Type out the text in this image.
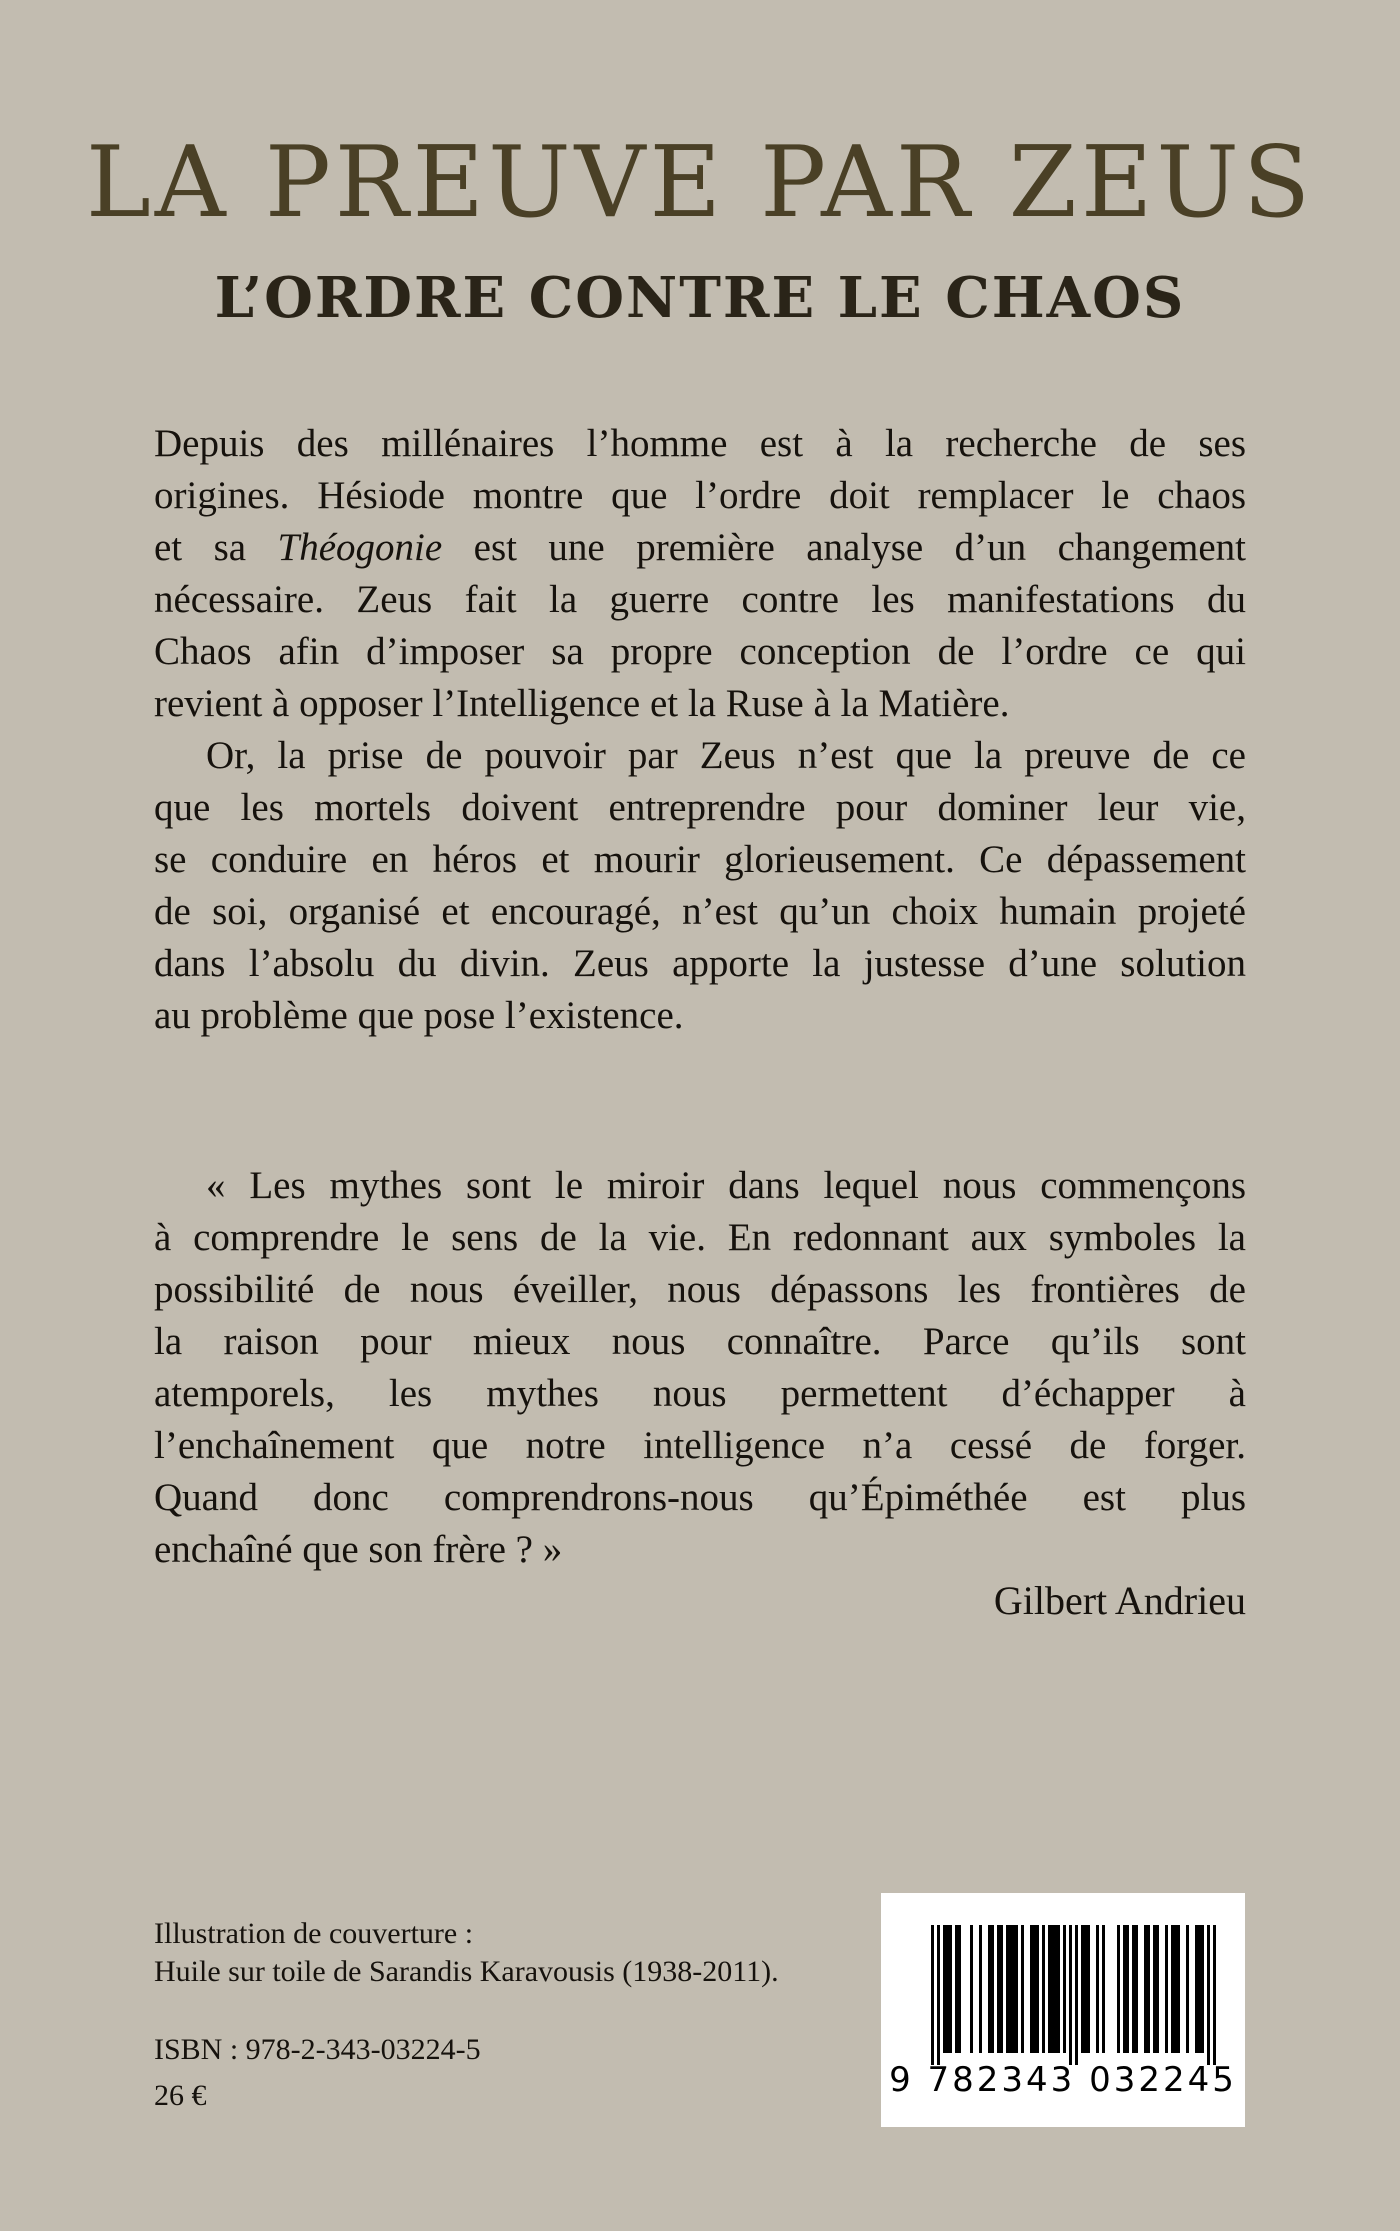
LA PREUVE PAR ZEUS
L’ORDRE CONTRE LE CHAOS
Depuis des millénaires l’homme est à la recherche de ses
origines. Hésiode montre que l’ordre doit remplacer le chaos
et sa Théogonie est une première analyse d’un changement
nécessaire. Zeus fait la guerre contre les manifestations du
Chaos afin d’imposer sa propre conception de l’ordre ce qui
revient à opposer l’Intelligence et la Ruse à la Matière.
Or, la prise de pouvoir par Zeus n’est que la preuve de ce
que les mortels doivent entreprendre pour dominer leur vie,
se conduire en héros et mourir glorieusement. Ce dépassement
de soi, organisé et encouragé, n’est qu’un choix humain projeté
dans l’absolu du divin. Zeus apporte la justesse d’une solution
au problème que pose l’existence.
« Les mythes sont le miroir dans lequel nous commençons
à comprendre le sens de la vie. En redonnant aux symboles la
possibilité de nous éveiller, nous dépassons les frontières de
la raison pour mieux nous connaître. Parce qu’ils sont
atemporels, les mythes nous permettent d’échapper à
l’enchaînement que notre intelligence n’a cessé de forger.
Quand donc comprendrons-nous qu’Épiméthée est plus
enchaîné que son frère ? »

Gilbert Andrieu

Illustration de couverture :

Huile sur toile de Sarandis Karavousis (1938-2011).

ISBN : 978-2-343-03224-5

26 €	9 782343 032245
